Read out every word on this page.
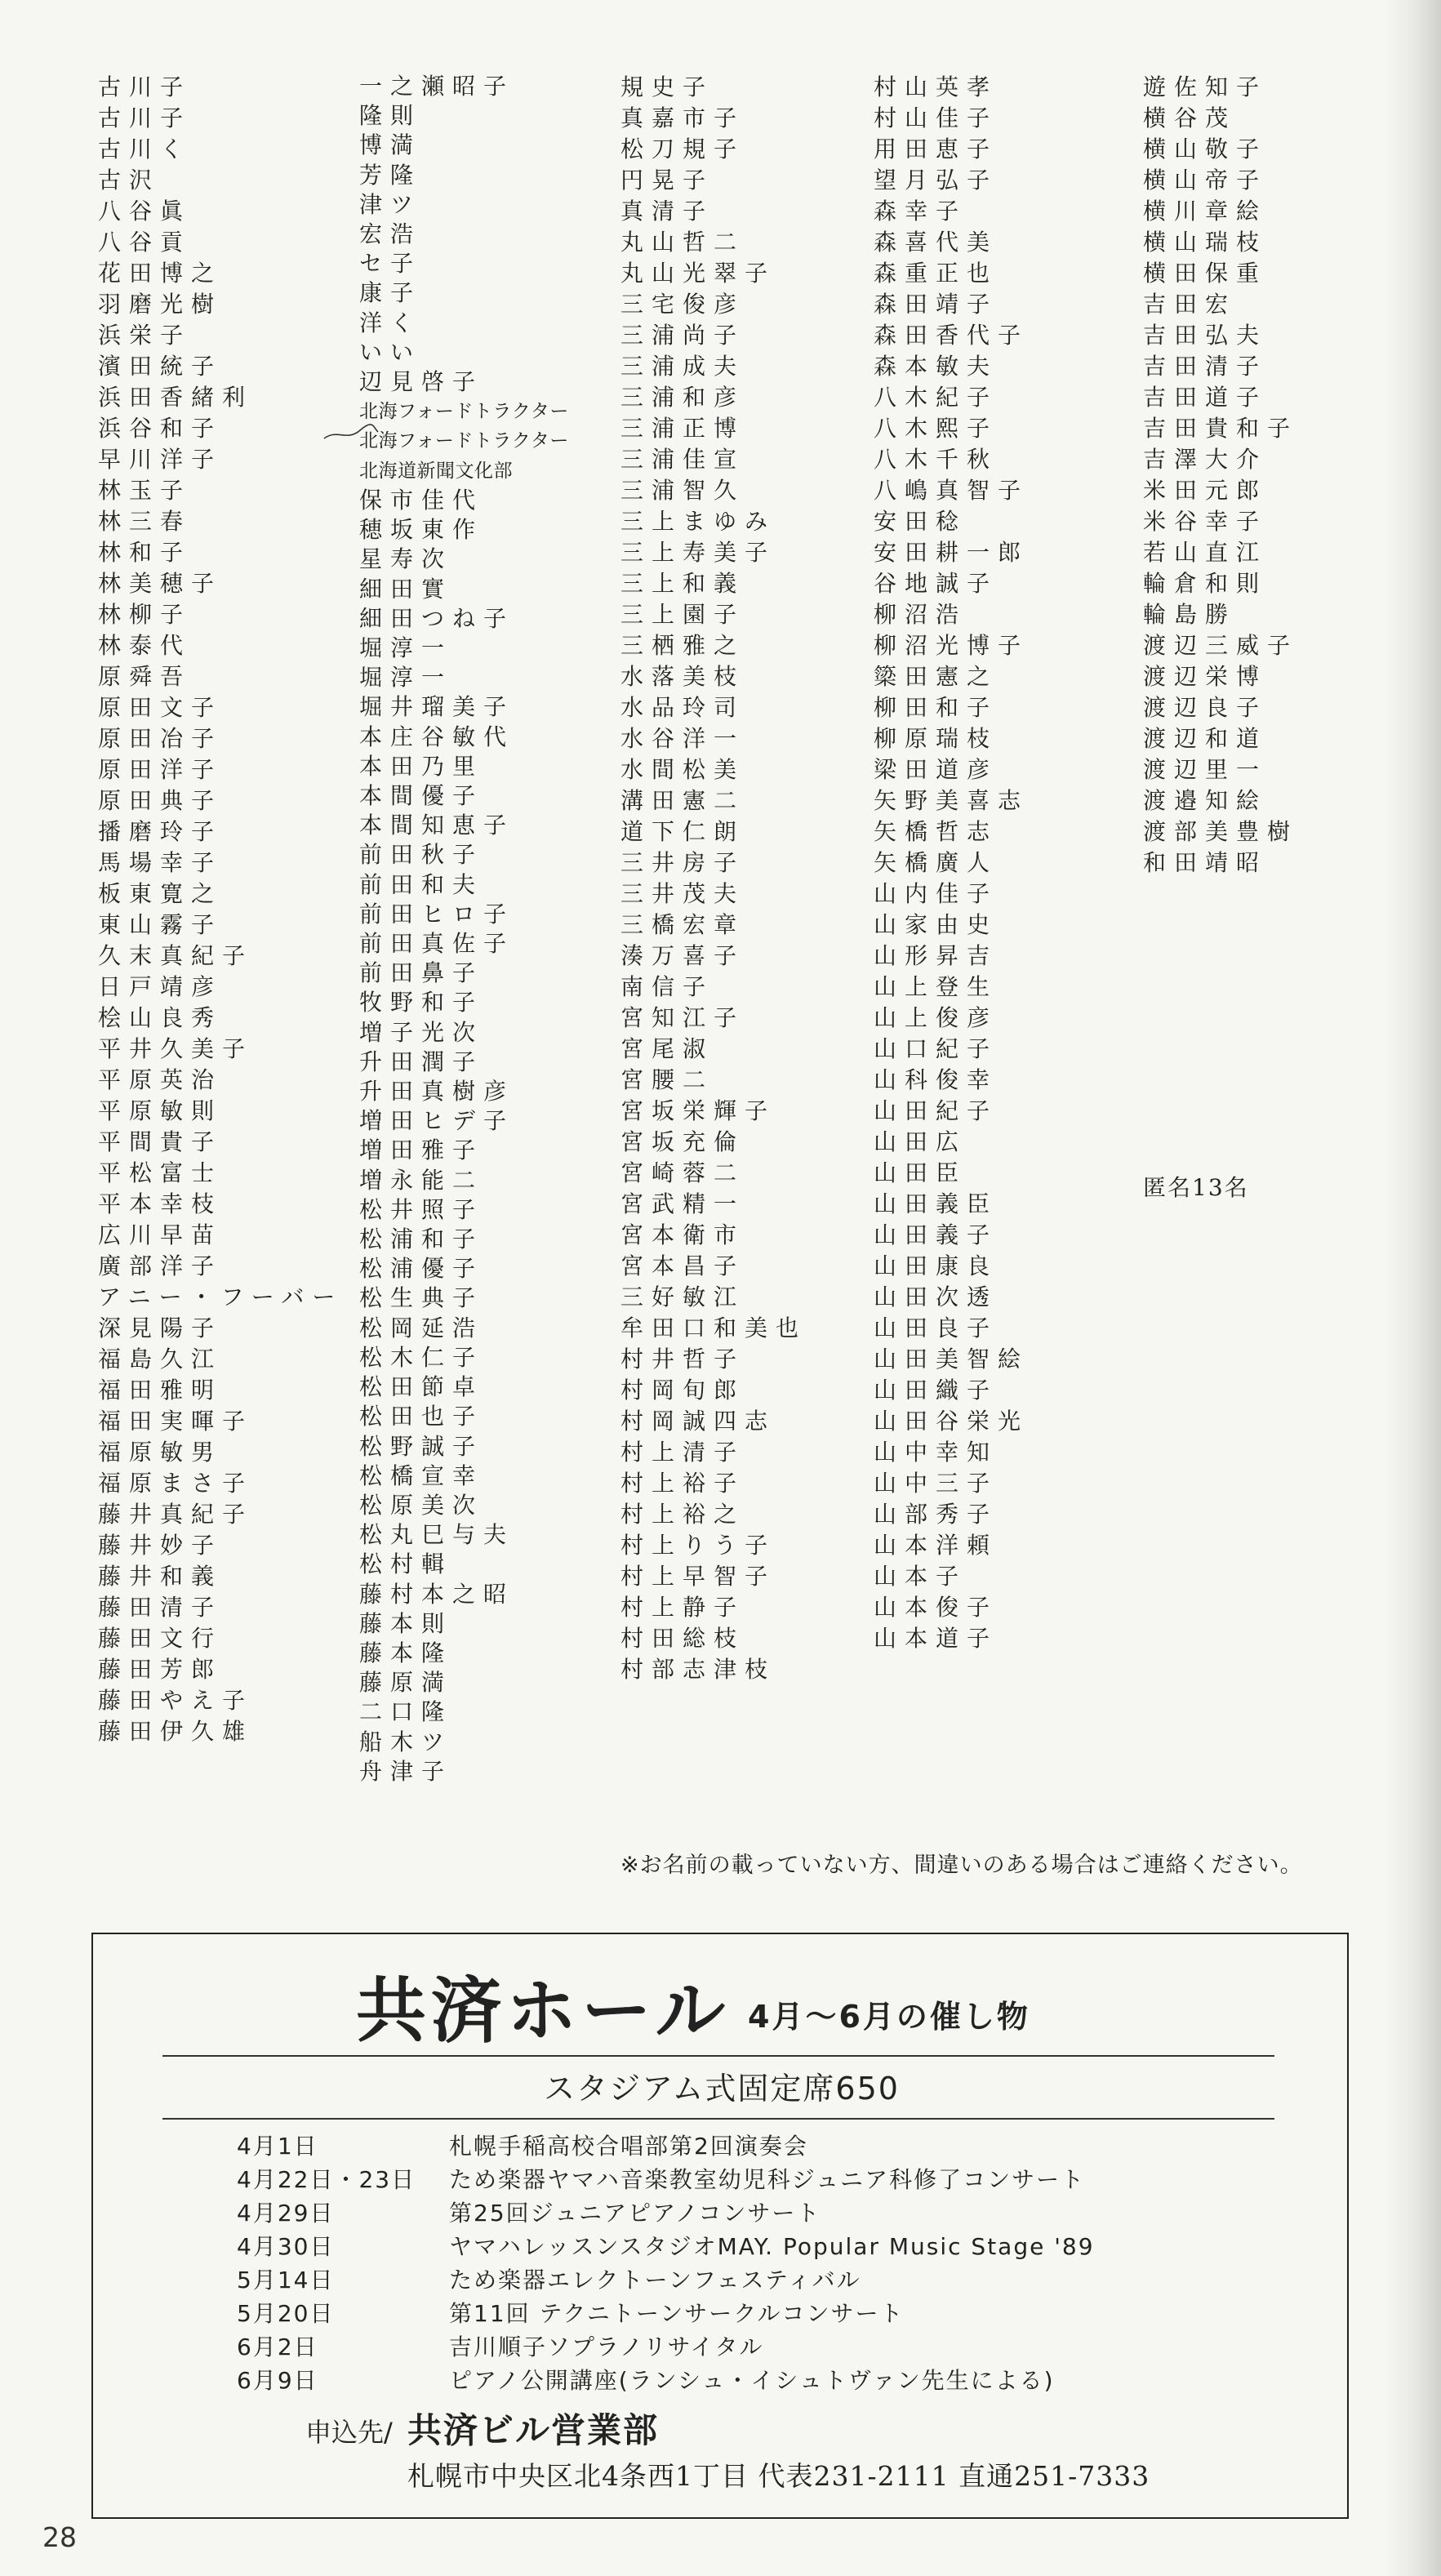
遊佐知子
横谷茂
横山敬子
横山帝子
横川章絵
横山瑞枝
横田保重
吉田宏
吉田弘夫
吉田清子
吉田道子
吉田貴和子
吉澤大介
米田元郎
米谷幸子
若山直江
輪倉和則
輪島勝
渡辺三威子
渡辺栄博
渡辺良子
渡辺和道
渡辺里一
渡邉知絵
渡部美豊樹
和田靖昭
村山英孝
村山佳子
用田恵子
望月弘子
森幸子
森喜代美
森重正也
森田靖子
森田香代子
森本敏夫
八木紀子
八木熙子
八木千秋
八嶋真智子
安田稔
安田耕一郎
谷地誠子
柳沼浩
柳沼光博子
簗田憲之
柳田和子
柳原瑞枝
梁田道彦
矢野美喜志
矢橋哲志
矢橋廣人
山内佳子
山家由史
山形昇吉
山上登生
山上俊彦
山口紀子
山科俊幸
山田紀子
山田広
山田臣
山田義臣
山田義子
山田康良
山田次透
山田良子
山田美智絵
山田織子
山田谷栄光
山中幸知
山中三子
山部秀子
山本洋頼
山本子
山本俊子
山本道子
規史子
真嘉市子
松刀規子
円晃子
真清子
丸山哲二
丸山光翠子
三宅俊彦
三浦尚子
三浦成夫
三浦和彦
三浦正博
三浦佳宣
三浦智久
三上まゆみ
三上寿美子
三上和義
三上園子
三栖雅之
水落美枝
水品玲司
水谷洋一
水間松美
溝田憲二
道下仁朗
三井房子
三井茂夫
三橋宏章
湊万喜子
南信子
宮知江子
宮尾淑
宮腰二
宮坂栄輝子
宮坂充倫
宮崎蓉二
宮武精一
宮本衛市
宮本昌子
三好敏江
牟田口和美也
村井哲子
村岡旬郎
村岡誠四志
村上清子
村上裕子
村上裕之
村上りう子
村上早智子
村上静子
村田総枝
村部志津枝
一之瀬昭子
隆則
博満
芳隆
津ツ
宏浩
セ子
康子
洋く
いい
辺見啓子
北海フォードトラクター
北海フォードトラクター
北海道新聞文化部
保市佳代
穂坂東作
星寿次
細田實
細田つね子
堀淳一
堀淳一
堀井瑠美子
本庄谷敏代
本田乃里
本間優子
本間知恵子
前田秋子
前田和夫
前田ヒロ子
前田真佐子
前田鼻子
牧野和子
増子光次
升田潤子
升田真樹彦
増田ヒデ子
増田雅子
増永能二
松井照子
松浦和子
松浦優子
松生典子
松岡延浩
松木仁子
松田節卓
松田也子
松野誠子
松橋宣幸
松原美次
松丸巳与夫
松村輯
藤村本之昭
藤本則
藤本隆
藤原満
二口隆
船木ツ
舟津子
古川子
古川子
古川く
古沢
八谷眞
八谷貢
花田博之
羽磨光樹
浜栄子
濱田統子
浜田香緒利
浜谷和子
早川洋子
林玉子
林三春
林和子
林美穂子
林柳子
林泰代
原舜吾
原田文子
原田冶子
原田洋子
原田典子
播磨玲子
馬場幸子
板東寛之
東山霧子
久末真紀子
日戸靖彦
桧山良秀
平井久美子
平原英治
平原敏則
平間貴子
平松富士
平本幸枝
広川早苗
廣部洋子
アニー・フーバー
深見陽子
福島久江
福田雅明
福田実暉子
福原敏男
福原まさ子
藤井真紀子
藤井妙子
藤井和義
藤田清子
藤田文行
藤田芳郎
藤田やえ子
藤田伊久雄
匿名13名
※お名前の載っていない方、間違いのある場合はご連絡ください。
共済ホール 4月〜6月の催し物
スタジアム式固定席650
4月1日	札幌手稲高校合唱部第2回演奏会
4月22日・23日	ため楽器ヤマハ音楽教室幼児科ジュニア科修了コンサート
4月29日	第25回ジュニアピアノコンサート
4月30日	ヤマハレッスンスタジオMAY. Popular Music Stage '89
5月14日	ため楽器エレクトーンフェスティバル
5月20日	第11回 テクニトーンサークルコンサート
6月2日	吉川順子ソプラノリサイタル
6月9日	ピアノ公開講座(ランシュ・イシュトヴァン先生による)
申込先/ 共済ビル営業部
札幌市中央区北4条西1丁目 代表231-2111 直通251-7333
28
